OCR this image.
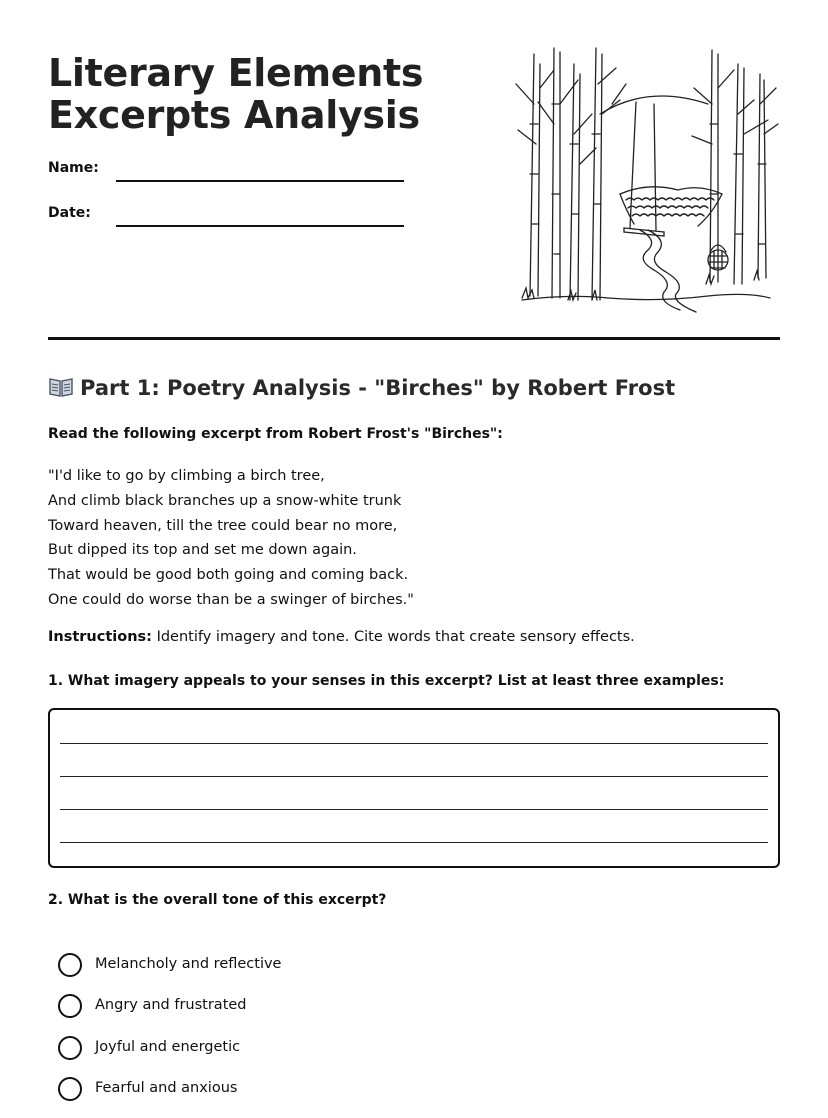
Literary Elements
Excerpts Analysis
Name:
Date:
Part 1: Poetry Analysis - "Birches" by Robert Frost
Read the following excerpt from Robert Frost's "Birches":
"I'd like to go by climbing a birch tree,
And climb black branches up a snow-white trunk
Toward heaven, till the tree could bear no more,
But dipped its top and set me down again.
That would be good both going and coming back.
One could do worse than be a swinger of birches."
Instructions: Identify imagery and tone. Cite words that create sensory effects.
1. What imagery appeals to your senses in this excerpt? List at least three examples:
2. What is the overall tone of this excerpt?
Melancholy and reflective
Angry and frustrated
Joyful and energetic
Fearful and anxious
